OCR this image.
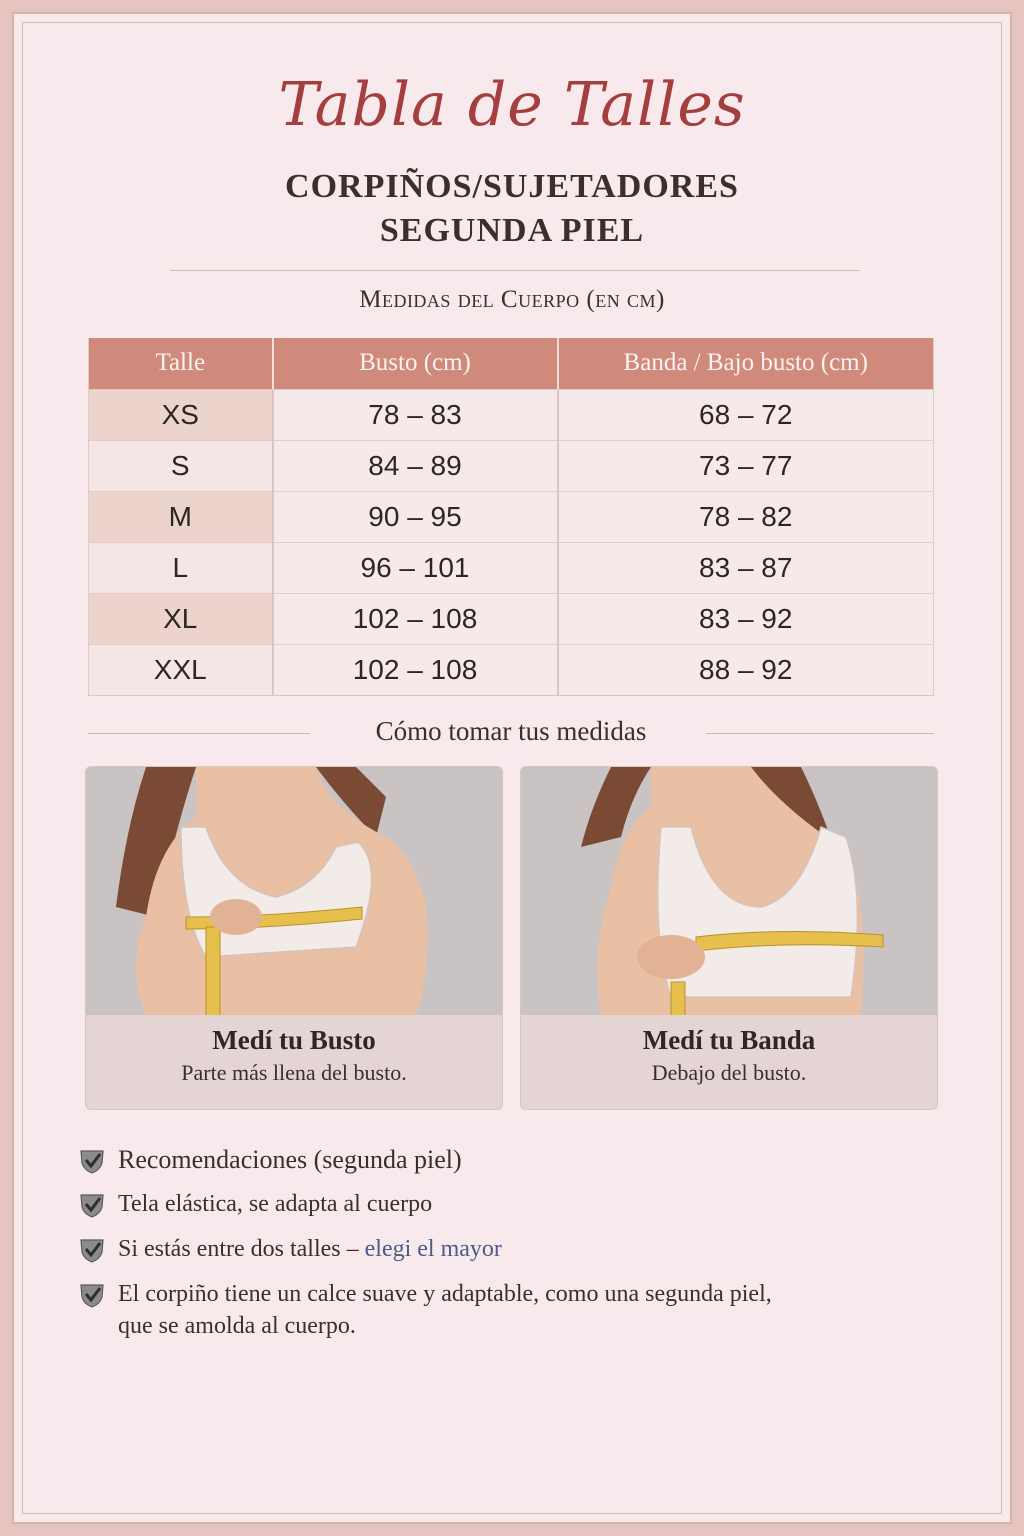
Tabla de Talles
CORPIÑOS/SUJETADORES
SEGUNDA PIEL
Medidas del Cuerpo (en cm)
Talle	Busto (cm)	Banda / Bajo busto (cm)
XS	78 – 83	68 – 72
S	84 – 89	73 – 77
M	90 – 95	78 – 82
L	96 – 101	83 – 87
XL	102 – 108	83 – 92
XXL	102 – 108	88 – 92
Cómo tomar tus medidas
Medí tu Busto
Parte más llena del busto.
Medí tu Banda
Debajo del busto.
Recomendaciones (segunda piel)
Tela elástica, se adapta al cuerpo
Si estás entre dos talles – elegi el mayor
El corpiño tiene un calce suave y adaptable, como una segunda piel,
que se amolda al cuerpo.
